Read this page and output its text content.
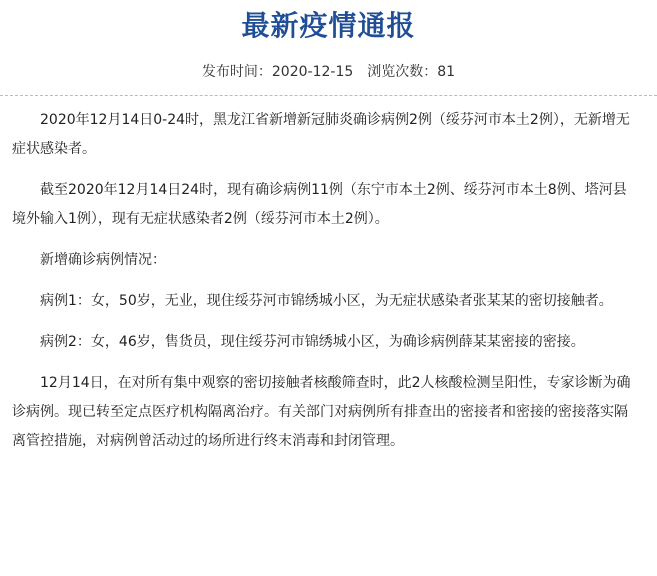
最新疫情通报
发布时间：2020-12-15 浏览次数：81

2020年12月14日0-24时，黑龙江省新增新冠肺炎确诊病例2例（绥芬河市本土2例），无新增无症状感染者。

截至2020年12月14日24时，现有确诊病例11例（东宁市本土2例、绥芬河市本土8例、塔河县境外输入1例），现有无症状感染者2例（绥芬河市本土2例）。

新增确诊病例情况：

病例1：女，50岁，无业，现住绥芬河市锦绣城小区，为无症状感染者张某某的密切接触者。

病例2：女，46岁，售货员，现住绥芬河市锦绣城小区，为确诊病例薛某某密接的密接。

12月14日，在对所有集中观察的密切接触者核酸筛查时，此2人核酸检测呈阳性，专家诊断为确诊病例。现已转至定点医疗机构隔离治疗。有关部门对病例所有排查出的密接者和密接的密接落实隔离管控措施，对病例曾活动过的场所进行终末消毒和封闭管理。
